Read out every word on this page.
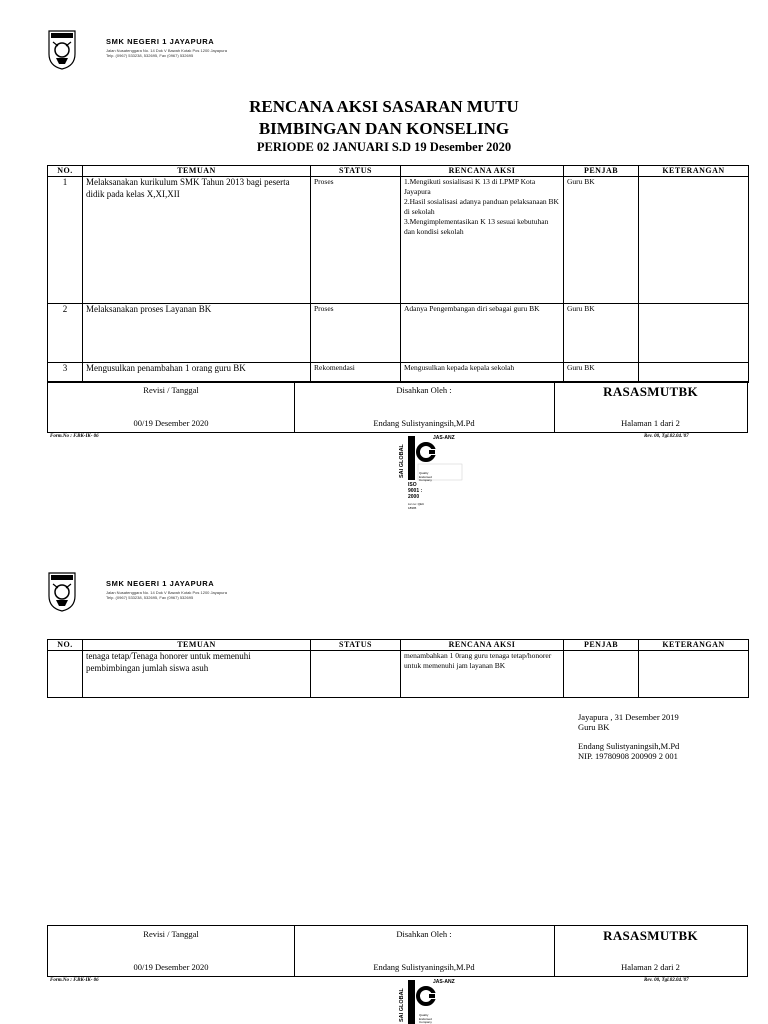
SMK NEGERI 1 JAYAPURA
Jalan Nusatenggara No. 14 Dok V Bawah Kotak Pos 1200 Jayapura
Telp. (0967) 533238, 532695, Fax (0967) 532695
RENCANA AKSI SASARAN MUTU
BIMBINGAN DAN KONSELING
PERIODE 02 JANUARI S.D 19 Desember 2020
NO.	TEMUAN	STATUS	RENCANA AKSI	PENJAB	KETERANGAN
1	Melaksanakan kurikulum SMK Tahun 2013 bagi peserta didik pada kelas X,XI,XII	Proses	1.Mengikuti sosialisasi K 13 di LPMP Kota Jayapura
2.Hasil sosialisasi adanya panduan pelaksanaan BK di sekolah
3.Mengimplementasikan K 13 sesuai kebutuhan dan kondisi sekolah	Guru BK	
2	Melaksanakan proses Layanan BK	Proses	Adanya Pengembangan diri sebagai guru BK	Guru BK	
3	Mengusulkan penambahan 1 orang guru BK	Rekomendasi	Mengusulkan kepada kepala sekolah	Guru BK	
Revisi / Tanggal
00/19 Desember 2020
Disahkan Oleh :
Endang Sulistyaningsih,M.Pd
RASASMUTBK
Halaman 1 dari 2
Form.No : F.BK-IK- 06	Rev. 00, Tgl.02.04.'07
SAI GLOBAL
JAS-ANZ
Quality
Endorsed
Company
ISO
9001 :
2000
Lic.no: QEC
18995
SMK NEGERI 1 JAYAPURA
Jalan Nusatenggara No. 14 Dok V Bawah Kotak Pos 1200 Jayapura
Telp. (0967) 533238, 532695, Fax (0967) 532695
NO.	TEMUAN	STATUS	RENCANA AKSI	PENJAB	KETERANGAN
	tenaga tetap/Tenaga honorer untuk memenuhi pembimbingan jumlah siswa asuh		menambahkan 1 0rang guru tenaga tetap/honorer untuk memenuhi jam layanan BK		
Jayapura , 31 Desember 2019
Guru BK
Endang Sulistyaningsih,M.Pd
NIP. 19780908 200909 2 001
Revisi / Tanggal
00/19 Desember 2020
Disahkan Oleh :
Endang Sulistyaningsih,M.Pd
RASASMUTBK
Halaman 2 dari 2
Form.No : F.BK-IK- 06	Rev. 00, Tgl.02.04.'07
SAI GLOBAL
JAS-ANZ
Quality
Endorsed
Company
